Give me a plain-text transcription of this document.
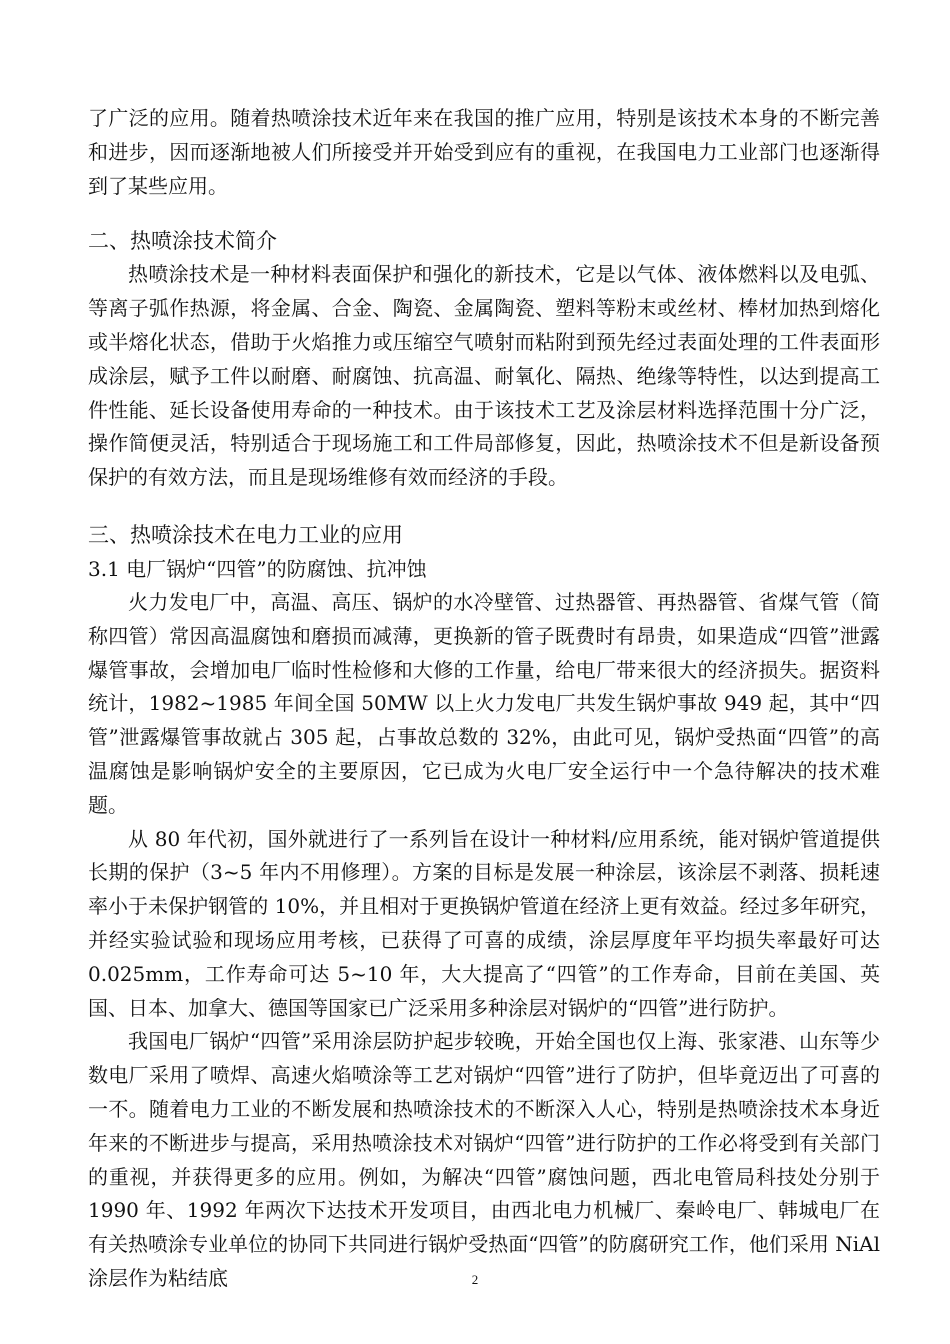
了广泛的应用。随着热喷涂技术近年来在我国的推广应用，特别是该技术本身的不断完善和进步，因而逐渐地被人们所接受并开始受到应有的重视，在我国电力工业部门也逐渐得到了某些应用。

二、热喷涂技术简介

热喷涂技术是一种材料表面保护和强化的新技术，它是以气体、液体燃料以及电弧、等离子弧作热源，将金属、合金、陶瓷、金属陶瓷、塑料等粉末或丝材、棒材加热到熔化或半熔化状态，借助于火焰推力或压缩空气喷射而粘附到预先经过表面处理的工件表面形成涂层，赋予工件以耐磨、耐腐蚀、抗高温、耐氧化、隔热、绝缘等特性，以达到提高工件性能、延长设备使用寿命的一种技术。由于该技术工艺及涂层材料选择范围十分广泛，操作简便灵活，特别适合于现场施工和工件局部修复，因此，热喷涂技术不但是新设备预保护的有效方法，而且是现场维修有效而经济的手段。

三、热喷涂技术在电力工业的应用
3.1 电厂锅炉“四管”的防腐蚀、抗冲蚀

火力发电厂中，高温、高压、锅炉的水冷壁管、过热器管、再热器管、省煤气管（简称四管）常因高温腐蚀和磨损而减薄，更换新的管子既费时有昂贵，如果造成“四管”泄露爆管事故，会增加电厂临时性检修和大修的工作量，给电厂带来很大的经济损失。据资料统计，1982~1985 年间全国 50MW 以上火力发电厂共发生锅炉事故 949 起，其中“四管”泄露爆管事故就占 305 起，占事故总数的 32%，由此可见，锅炉受热面“四管”的高温腐蚀是影响锅炉安全的主要原因，它已成为火电厂安全运行中一个急待解决的技术难题。

从 80 年代初，国外就进行了一系列旨在设计一种材料/应用系统，能对锅炉管道提供长期的保护（3~5 年内不用修理）。方案的目标是发展一种涂层，该涂层不剥落、损耗速率小于未保护钢管的 10%，并且相对于更换锅炉管道在经济上更有效益。经过多年研究，并经实验试验和现场应用考核，已获得了可喜的成绩，涂层厚度年平均损失率最好可达 0.025mm，工作寿命可达 5~10 年，大大提高了“四管”的工作寿命，目前在美国、英国、日本、加拿大、德国等国家已广泛采用多种涂层对锅炉的“四管”进行防护。

我国电厂锅炉“四管”采用涂层防护起步较晚，开始全国也仅上海、张家港、山东等少数电厂采用了喷焊、高速火焰喷涂等工艺对锅炉“四管”进行了防护，但毕竟迈出了可喜的一不。随着电力工业的不断发展和热喷涂技术的不断深入人心，特别是热喷涂技术本身近年来的不断进步与提高，采用热喷涂技术对锅炉“四管”进行防护的工作必将受到有关部门的重视，并获得更多的应用。例如，为解决“四管”腐蚀问题，西北电管局科技处分别于 1990 年、1992 年两次下达技术开发项目，由西北电力机械厂、秦岭电厂、韩城电厂在有关热喷涂专业单位的协同下共同进行锅炉受热面“四管”的防腐研究工作，他们采用 NiAl 涂层作为粘结底	2
